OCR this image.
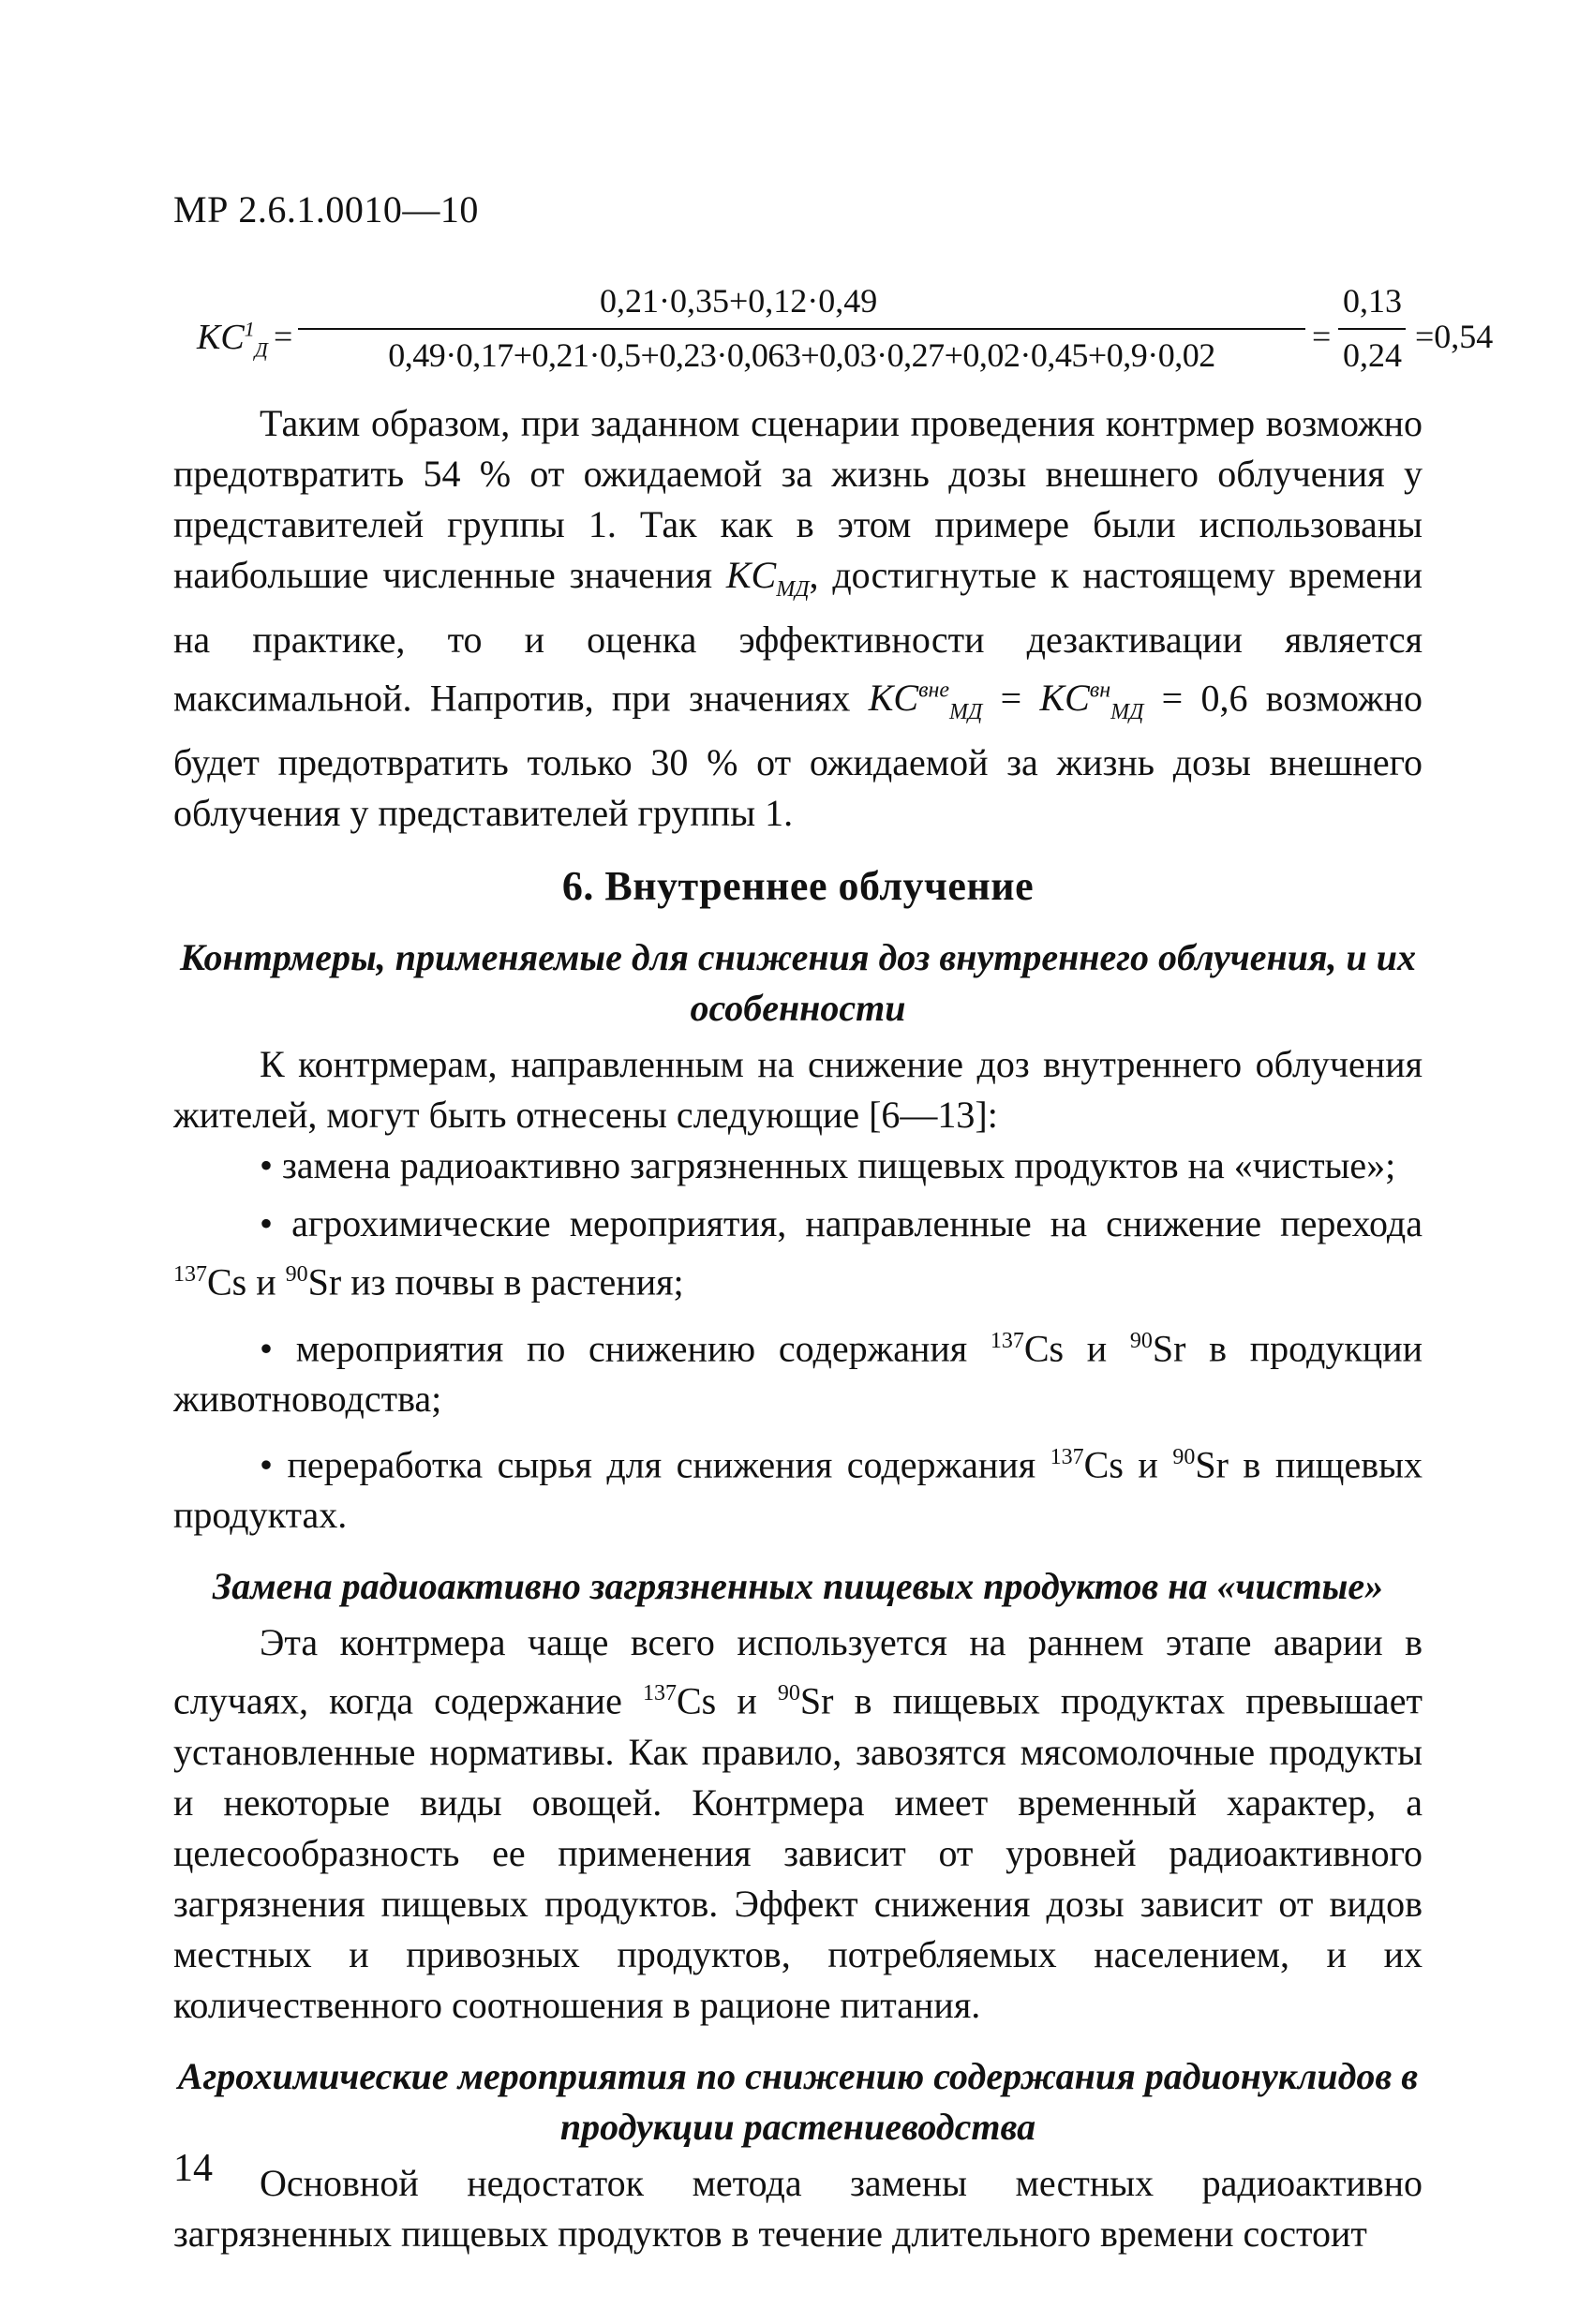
МР 2.6.1.0010—10
$KC^1_Д$ =
0,21·0,35+0,12·0,49
0,49·0,17+0,21·0,5+0,23·0,063+0,03·0,27+0,02·0,45+0,9·0,02	=
0,13
0,24 =0,54

Таким образом, при заданном сценарии проведения контрмер возможно предотвратить 54 % от ожидаемой за жизнь дозы внешнего облучения у представителей группы 1. Так как в этом примере были использованы наибольшие численные значения $KC_{МД}$, достигнутые к настоящему времени на практике, то и оценка эффективности дезактивации является максимальной. Напротив, при значениях $KC^{вне}_{МД} = KC^{вн}_{МД} = 0,6$ возможно будет предотвратить только 30 % от ожидаемой за жизнь дозы внешнего облучения у представителей группы 1.

6. Внутреннее облучение
Контрмеры, применяемые для снижения доз внутреннего облучения, и их особенности

К контрмерам, направленным на снижение доз внутреннего облучения жителей, могут быть отнесены следующие [6—13]:

• замена радиоактивно загрязненных пищевых продуктов на «чистые»;
• агрохимические мероприятия, направленные на снижение перехода $^{137}$Cs и $^{90}$Sr из почвы в растения;
• мероприятия по снижению содержания $^{137}$Cs и $^{90}$Sr в продукции животноводства;
• переработка сырья для снижения содержания $^{137}$Cs и $^{90}$Sr в пищевых продуктах.
Замена радиоактивно загрязненных пищевых продуктов на «чистые»

Эта контрмера чаще всего используется на раннем этапе аварии в случаях, когда содержание $^{137}$Cs и $^{90}$Sr в пищевых продуктах превышает установленные нормативы. Как правило, завозятся мясомолочные продукты и некоторые виды овощей. Контрмера имеет временный характер, а целесообразность ее применения зависит от уровней радиоактивного загрязнения пищевых продуктов. Эффект снижения дозы зависит от видов местных и привозных продуктов, потребляемых населением, и их количественного соотношения в рационе питания.

Агрохимические мероприятия по снижению содержания радионуклидов в продукции растениеводства

Основной недостаток метода замены местных радиоактивно загрязненных пищевых продуктов в течение длительного времени состоит

14
